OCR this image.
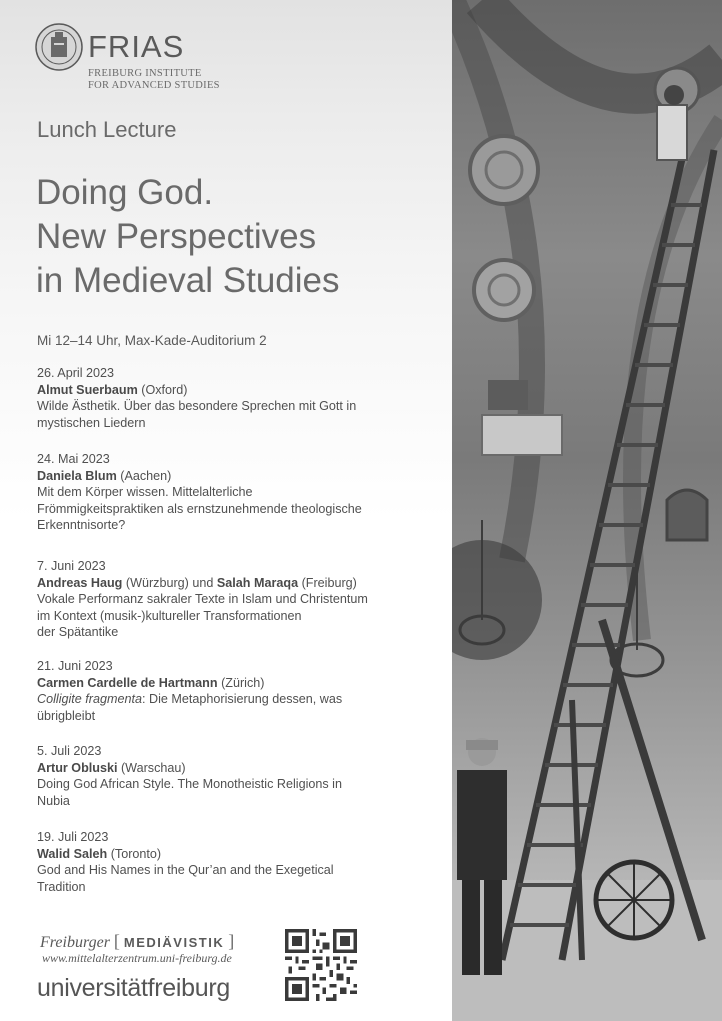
FRIAS
FREIBURG INSTITUTE
FOR ADVANCED STUDIES
Lunch Lecture
Doing God.
New Perspectives
in Medieval Studies
Mi 12–14 Uhr, Max-Kade-Auditorium 2
26. April 2023
Almut Suerbaum (Oxford)
Wilde Ästhetik. Über das besondere Sprechen mit Gott in
mystischen Liedern
24. Mai 2023
Daniela Blum (Aachen)
Mit dem Körper wissen. Mittelalterliche
Frömmigkeitspraktiken als ernstzunehmende theologische
Erkenntnisorte?
7. Juni 2023
Andreas Haug (Würzburg) und Salah Maraqa (Freiburg)
Vokale Performanz sakraler Texte in Islam und Christentum
im Kontext (musik-)kultureller Transformationen
der Spätantike
21. Juni 2023
Carmen Cardelle de Hartmann (Zürich)
Colligite fragmenta: Die Metaphorisierung dessen, was
übrigbleibt
5. Juli 2023
Artur Obluski (Warschau)
Doing God African Style. The Monotheistic Religions in
Nubia
19. Juli 2023
Walid Saleh (Toronto)
God and His Names in the Qur’an and the Exegetical
Tradition
Freiburger [ MEDIÄVISTIK ]
www.mittelalterzentrum.uni-freiburg.de
universitätfreiburg
